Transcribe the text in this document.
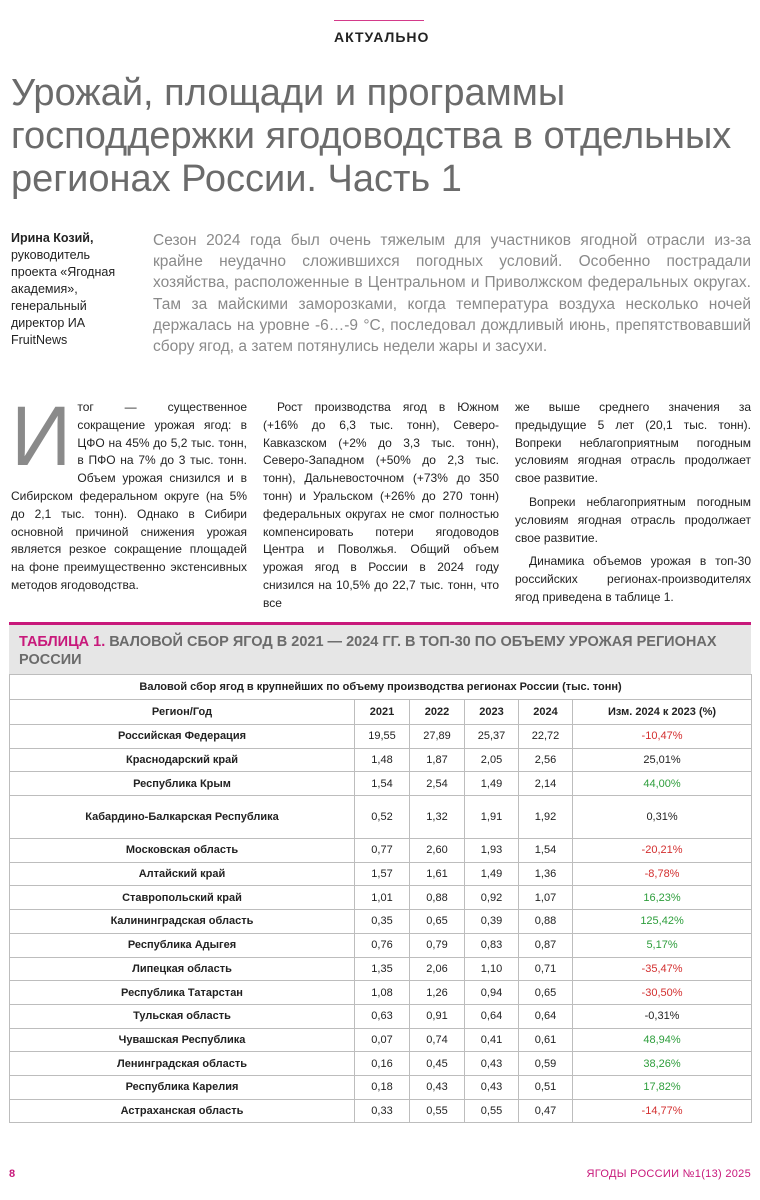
АКТУАЛЬНО
Урожай, площади и программы господдержки ягодоводства в отдельных регионах России. Часть 1
Ирина Козий,
руководитель проекта «Ягодная академия», генеральный директор ИА FruitNews
Сезон 2024 года был очень тяжелым для участников ягодной отрасли из-за крайне неудачно сложившихся погодных условий. Особенно пострадали хозяйства, расположенные в Центральном и Приволжском федеральных округах. Там за майскими заморозками, когда температура воздуха несколько ночей держалась на уровне -6…-9 °С, последовал дождливый июнь, препятствовавший сбору ягод, а затем потянулись недели жары и засухи.

Итог — существенное сокращение урожая ягод: в ЦФО на 45% до 5,2 тыс. тонн, в ПФО на 7% до 3 тыс. тонн. Объем урожая снизился и в Сибирском федеральном округе (на 5% до 2,1 тыс. тонн). Однако в Сибири основной причиной снижения урожая является резкое сокращение площадей на фоне преимущественно экстенсивных методов ягодоводства.

Рост производства ягод в Южном (+16% до 6,3 тыс. тонн), Северо-Кавказском (+2% до 3,3 тыс. тонн), Северо-Западном (+50% до 2,3 тыс. тонн), Дальневосточном (+73% до 350 тонн) и Уральском (+26% до 270 тонн) федеральных округах не смог полностью компенсировать потери ягодоводов Центра и Поволжья. Общий объем урожая ягод в России в 2024 году снизился на 10,5% до 22,7 тыс. тонн, что все

же выше среднего значения за предыдущие 5 лет (20,1 тыс. тонн). Вопреки неблагоприятным погодным условиям ягодная отрасль продолжает свое развитие.

Вопреки неблагоприятным погодным условиям ягодная отрасль продолжает свое развитие.

Динамика объемов урожая в топ-30 российских регионах-производителях ягод приведена в таблице 1.

ТАБЛИЦА 1. ВАЛОВОЙ СБОР ЯГОД В 2021 — 2024 ГГ. В ТОП-30 ПО ОБЪЕМУ УРОЖАЯ РЕГИОНАХ РОССИИ
Валовой сбор ягод в крупнейших по объему производства регионах России (тыс. тонн)					
Регион/Год	2021	2022	2023	2024	Изм. 2024 к 2023 (%)
Российская Федерация	19,55	27,89	25,37	22,72	-10,47%
Краснодарский край	1,48	1,87	2,05	2,56	25,01%
Республика Крым	1,54	2,54	1,49	2,14	44,00%
Кабардино-Балкарская Республика	0,52	1,32	1,91	1,92	0,31%
Московская область	0,77	2,60	1,93	1,54	-20,21%
Алтайский край	1,57	1,61	1,49	1,36	-8,78%
Ставропольский край	1,01	0,88	0,92	1,07	16,23%
Калининградская область	0,35	0,65	0,39	0,88	125,42%
Республика Адыгея	0,76	0,79	0,83	0,87	5,17%
Липецкая область	1,35	2,06	1,10	0,71	-35,47%
Республика Татарстан	1,08	1,26	0,94	0,65	-30,50%
Тульская область	0,63	0,91	0,64	0,64	-0,31%
Чувашская Республика	0,07	0,74	0,41	0,61	48,94%
Ленинградская область	0,16	0,45	0,43	0,59	38,26%
Республика Карелия	0,18	0,43	0,43	0,51	17,82%
Астраханская область	0,33	0,55	0,55	0,47	-14,77%
8	ЯГОДЫ РОССИИ №1(13) 2025
